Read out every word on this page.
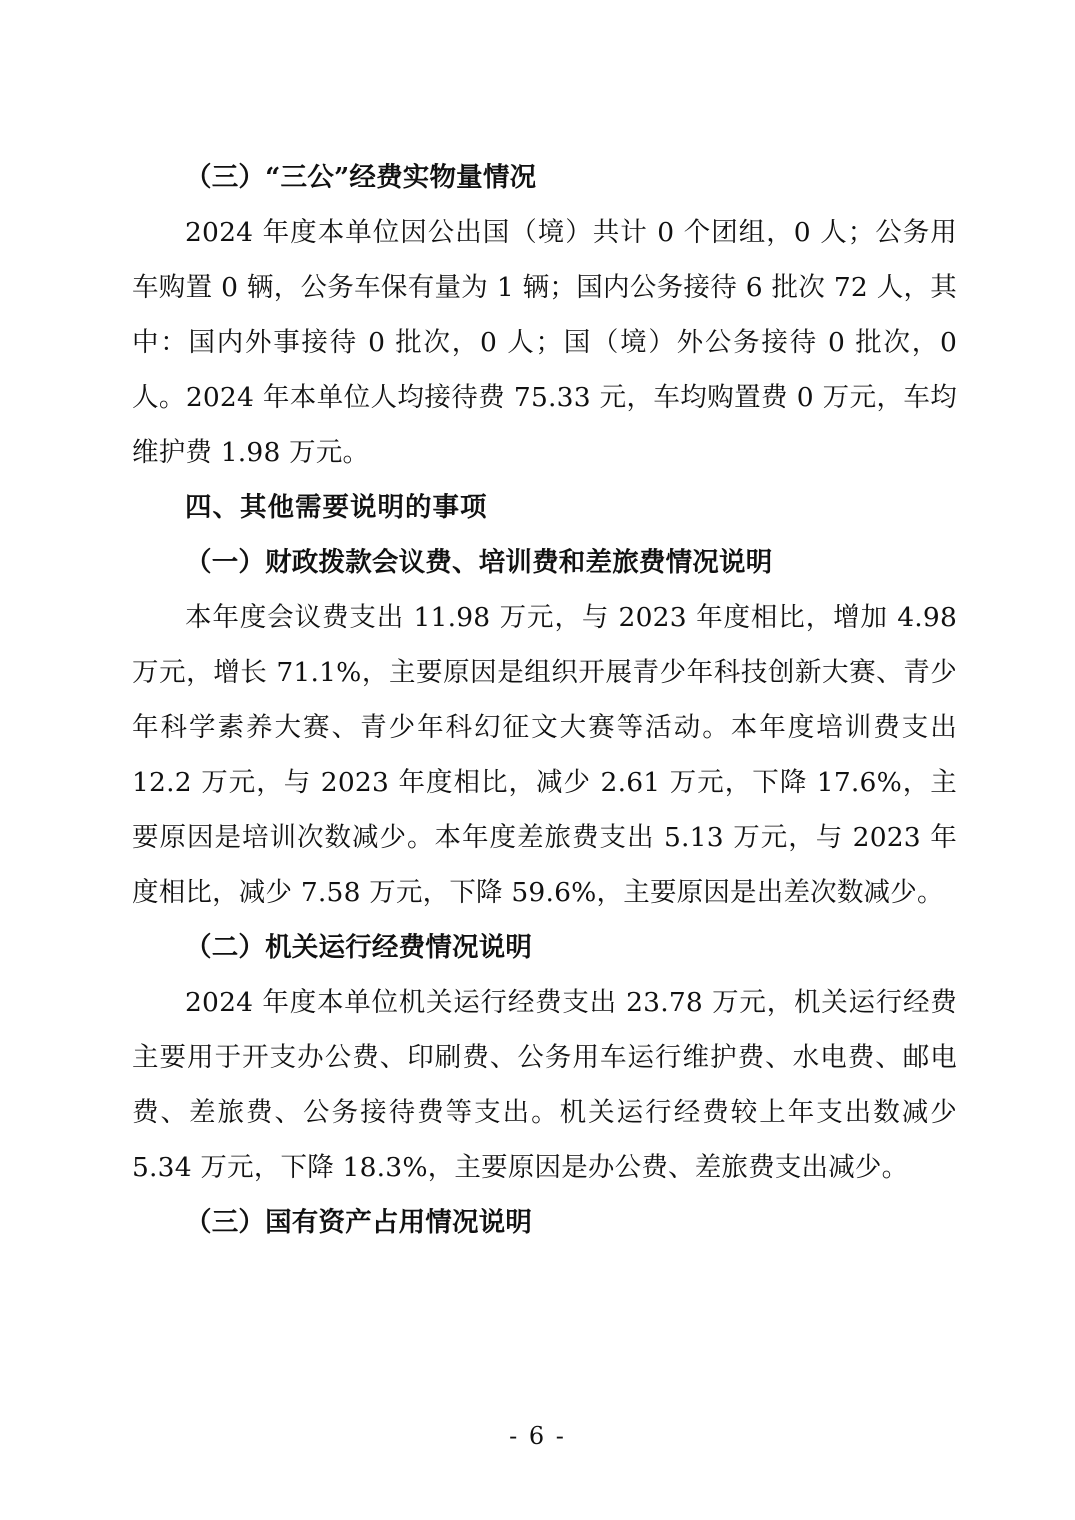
（三）“三公”经费实物量情况

2024 年度本单位因公出国（境）共计 0 个团组，0 人；公务用车购置 0 辆，公务车保有量为 1 辆；国内公务接待 6 批次 72 人，其中：国内外事接待 0 批次，0 人；国（境）外公务接待 0 批次，0 人。2024 年本单位人均接待费 75.33 元，车均购置费 0 万元，车均维护费 1.98 万元。

四、其他需要说明的事项

（一）财政拨款会议费、培训费和差旅费情况说明

本年度会议费支出 11.98 万元，与 2023 年度相比，增加 4.98 万元，增长 71.1%，主要原因是组织开展青少年科技创新大赛、青少年科学素养大赛、青少年科幻征文大赛等活动。本年度培训费支出 12.2 万元，与 2023 年度相比，减少 2.61 万元，下降 17.6%，主要原因是培训次数减少。本年度差旅费支出 5.13 万元，与 2023 年度相比，减少 7.58 万元，下降 59.6%，主要原因是出差次数减少。

（二）机关运行经费情况说明

2024 年度本单位机关运行经费支出 23.78 万元，机关运行经费主要用于开支办公费、印刷费、公务用车运行维护费、水电费、邮电费、差旅费、公务接待费等支出。机关运行经费较上年支出数减少 5.34 万元，下降 18.3%，主要原因是办公费、差旅费支出减少。

（三）国有资产占用情况说明

- 6 -
